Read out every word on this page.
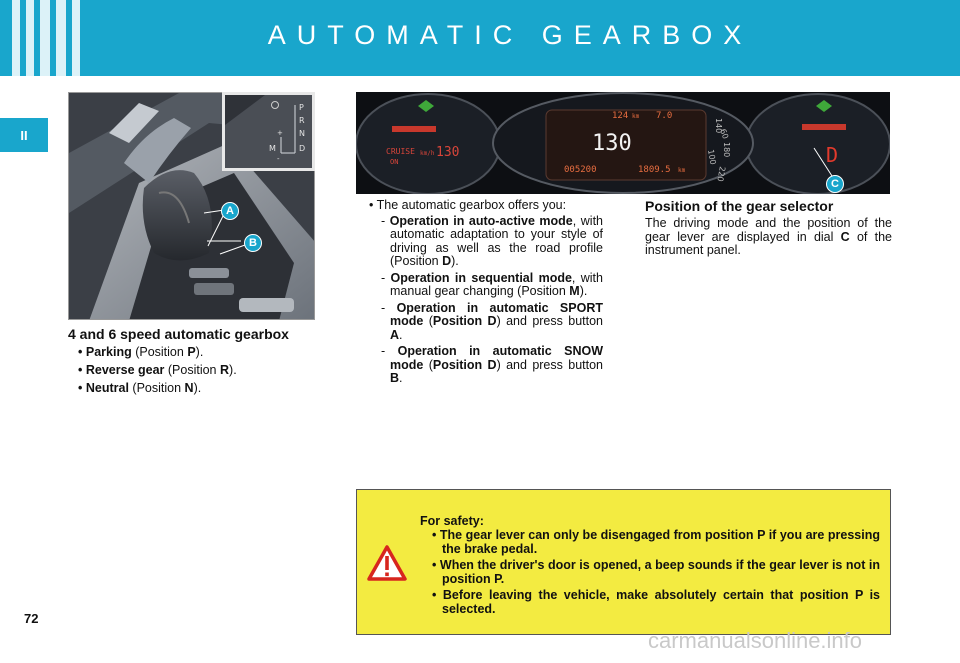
AUTOMATIC GEARBOX
II
P
R
N
D
M
+
-
A
B
CRUISE
ON
130
km/h
124 km 7.0
130
005200	1809.5 km
60
100
140
180
220
D
C
4 and 6 speed automatic gearbox
• Parking (Position P).
• Reverse gear (Position R).
• Neutral (Position N).
• The automatic gearbox offers you:
- Operation in auto-active mode, with automatic adaptation to your style of driving as well as the road profile (Position D).
- Operation in sequential mode, with manual gear changing (Position M).
- Operation in automatic SPORT mode (Position D) and press button A.
- Operation in automatic SNOW mode (Position D) and press button B.
Position of the gear selector

The driving mode and the position of the gear lever are displayed in dial C of the instrument panel.

For safety:
• The gear lever can only be disengaged from position P if you are pressing the brake pedal.
• When the driver's door is opened, a beep sounds if the gear lever is not in position P.
• Before leaving the vehicle, make absolutely certain that position P is selected.
72
carmanualsonline.info
